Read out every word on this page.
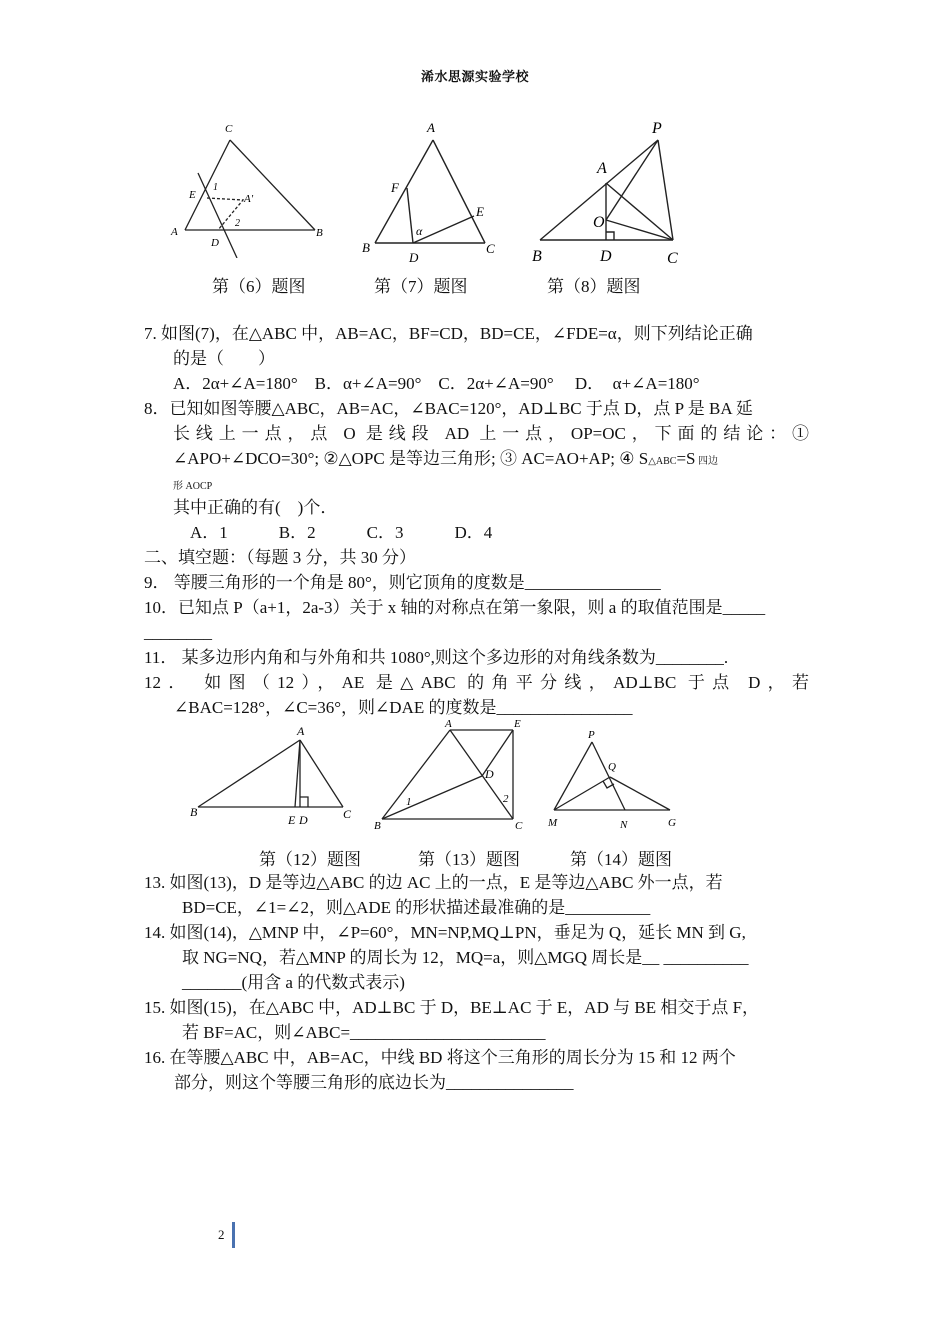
浠水思源实验学校
C
E
1
A'
2
A
D
B
A
F
E
α
B
D
C
P
A
O
B	D	C
第（6）题图	第（7）题图	第（8）题图
7. 如图(7)，在△ABC 中，AB=AC，BF=CD，BD=CE，∠FDE=α，则下列结论正确
的是（　　）
A．2α+∠A=180°　B．α+∠A=90°　C．2α+∠A=90°　 D．　α+∠A=180°
8．已知如图等腰△ABC，AB=AC，∠BAC=120°，AD⊥BC 于点 D，点 P 是 BA 延
长线上一点，点 O 是线段 AD 上一点，OP=OC，下面的结论：①
∠APO+∠DCO=30°; ②△OPC 是等边三角形; ③ AC=AO+AP; ④ S△ABC=S 四边
形 AOCP
其中正确的有(　)个．
A．1　　　B．2　　　C．3　　　D．4
二、填空题：（每题 3 分，共 30 分）
9． 等腰三角形的一个角是 80°，则它顶角的度数是________________
10．已知点 P（a+1，2a-3）关于 x 轴的对称点在第一象限，则 a 的取值范围是_____
________
11． 某多边形内角和与外角和共 1080°,则这个多边形的对角线条数为________.
12． 如图（12），AE 是△ABC 的角平分线，AD⊥BC 于点 D，若
∠BAC=128°，∠C=36°，则∠DAE 的度数是________________
A
B
E D	C
A	E
D
1	2
B	C
P
Q
M	N	G
第（12）题图	第（13）题图	第（14）题图
13. 如图(13)，D 是等边△ABC 的边 AC 上的一点，E 是等边△ABC 外一点，若
BD=CE，∠1=∠2，则△ADE 的形状描述最准确的是__________
14. 如图(14)，△MNP 中，∠P=60°，MN=NP,MQ⊥PN，垂足为 Q，延长 MN 到 G,
取 NG=NQ，若△MNP 的周长为 12，MQ=a，则△MGQ 周长是__ __________
_______(用含 a 的代数式表示)
15. 如图(15)，在△ABC 中，AD⊥BC 于 D，BE⊥AC 于 E，AD 与 BE 相交于点 F，
若 BF=AC，则∠ABC=_______________________
16. 在等腰△ABC 中，AB=AC，中线 BD 将这个三角形的周长分为 15 和 12 两个
部分，则这个等腰三角形的底边长为_______________
2
